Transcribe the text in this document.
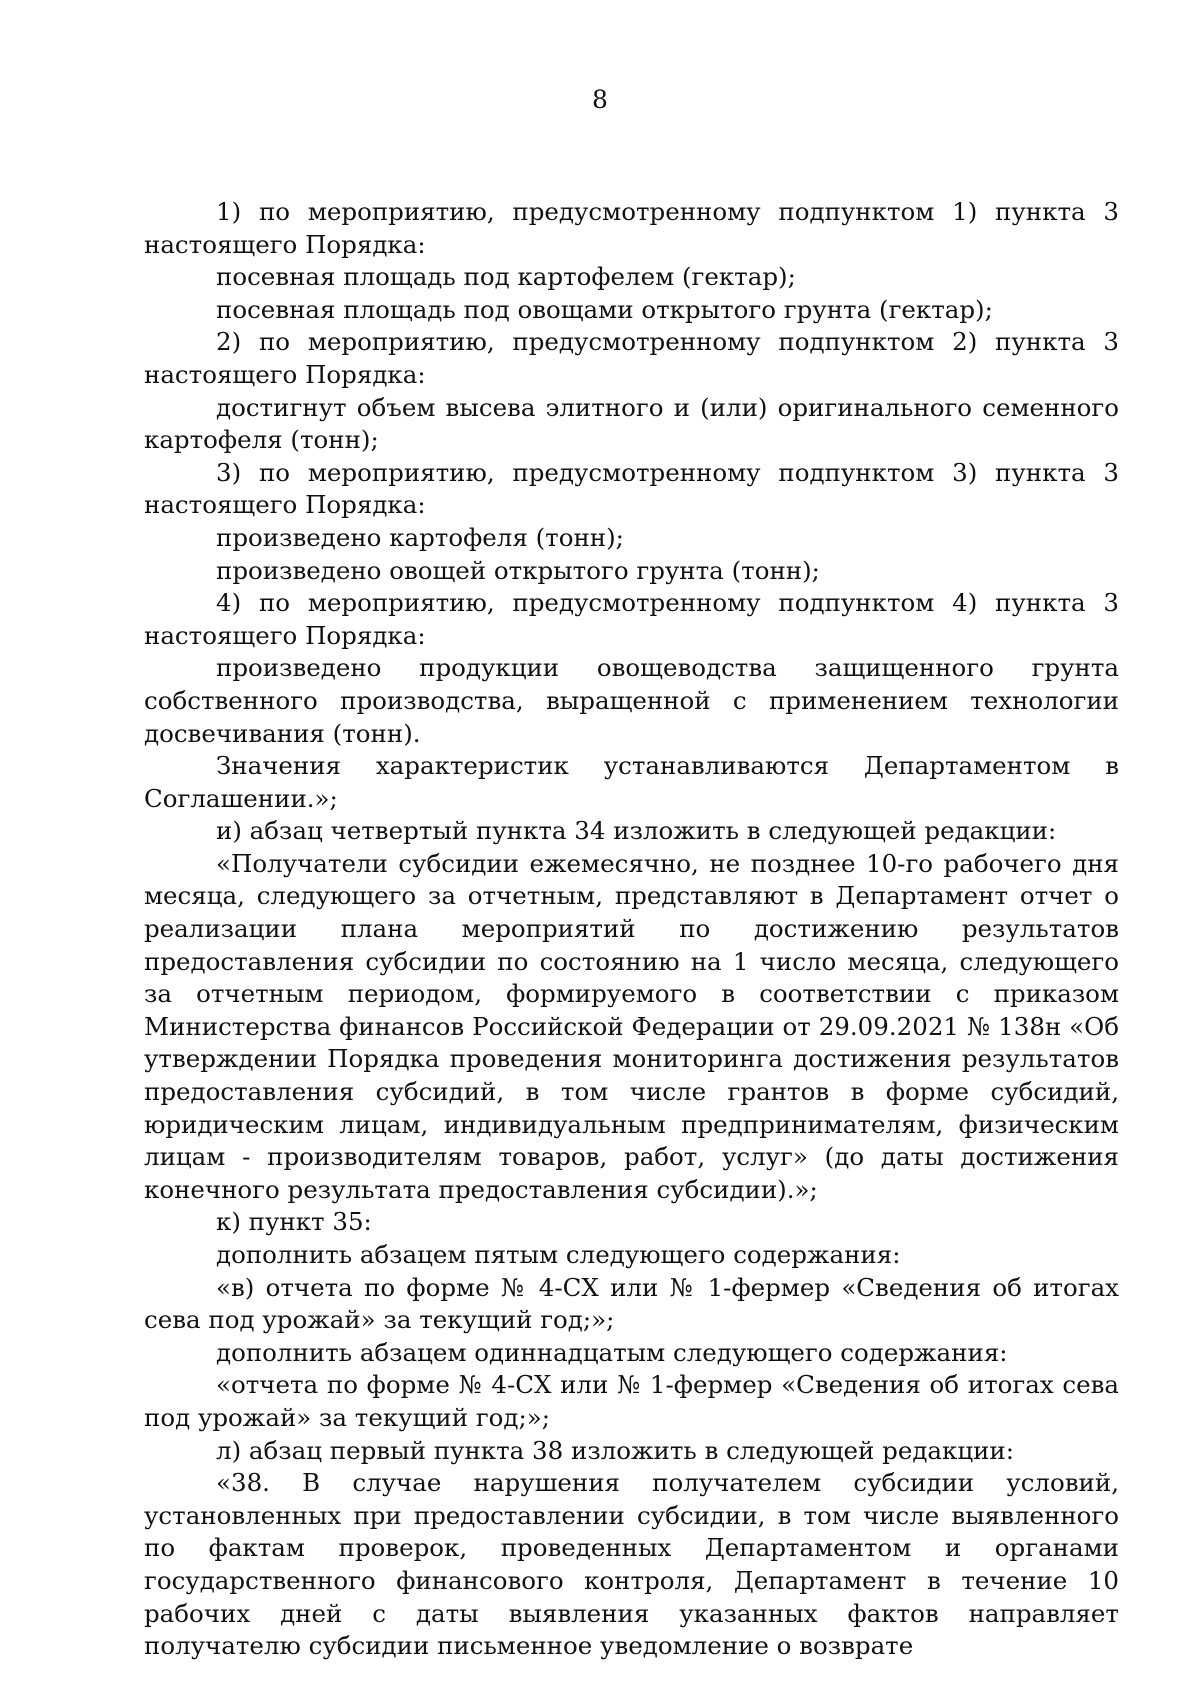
8

1) по мероприятию, предусмотренному подпунктом 1) пункта 3 настоящего Порядка:

посевная площадь под картофелем (гектар);

посевная площадь под овощами открытого грунта (гектар);

2) по мероприятию, предусмотренному подпунктом 2) пункта 3 настоящего Порядка:

достигнут объем высева элитного и (или) оригинального семенного картофеля (тонн);

3) по мероприятию, предусмотренному подпунктом 3) пункта 3 настоящего Порядка:

произведено картофеля (тонн);

произведено овощей открытого грунта (тонн);

4) по мероприятию, предусмотренному подпунктом 4) пункта 3 настоящего Порядка:

произведено продукции овощеводства защищенного грунта собственного производства, выращенной с применением технологии досвечивания (тонн).

Значения характеристик устанавливаются Департаментом в Соглашении.»;

и) абзац четвертый пункта 34 изложить в следующей редакции:

«Получатели субсидии ежемесячно, не позднее 10-го рабочего дня месяца, следующего за отчетным, представляют в Департамент отчет о реализации плана мероприятий по достижению результатов предоставления субсидии по состоянию на 1 число месяца, следующего за отчетным периодом, формируемого в соответствии с приказом Министерства финансов Российской Федерации от 29.09.2021 № 138н «Об утверждении Порядка проведения мониторинга достижения результатов предоставления субсидий, в том числе грантов в форме субсидий, юридическим лицам, индивидуальным предпринимателям, физическим лицам - производителям товаров, работ, услуг» (до даты достижения конечного результата предоставления субсидии).»;

к) пункт 35:

дополнить абзацем пятым следующего содержания:

«в) отчета по форме № 4-СХ или № 1-фермер «Сведения об итогах сева под урожай» за текущий год;»;

дополнить абзацем одиннадцатым следующего содержания:

«отчета по форме № 4-СХ или № 1-фермер «Сведения об итогах сева под урожай» за текущий год;»;

л) абзац первый пункта 38 изложить в следующей редакции:

«38. В случае нарушения получателем субсидии условий, установленных при предоставлении субсидии, в том числе выявленного по фактам проверок, проведенных Департаментом и органами государственного финансового контроля, Департамент в течение 10 рабочих дней с даты выявления указанных фактов направляет получателю субсидии письменное уведомление о возврате
